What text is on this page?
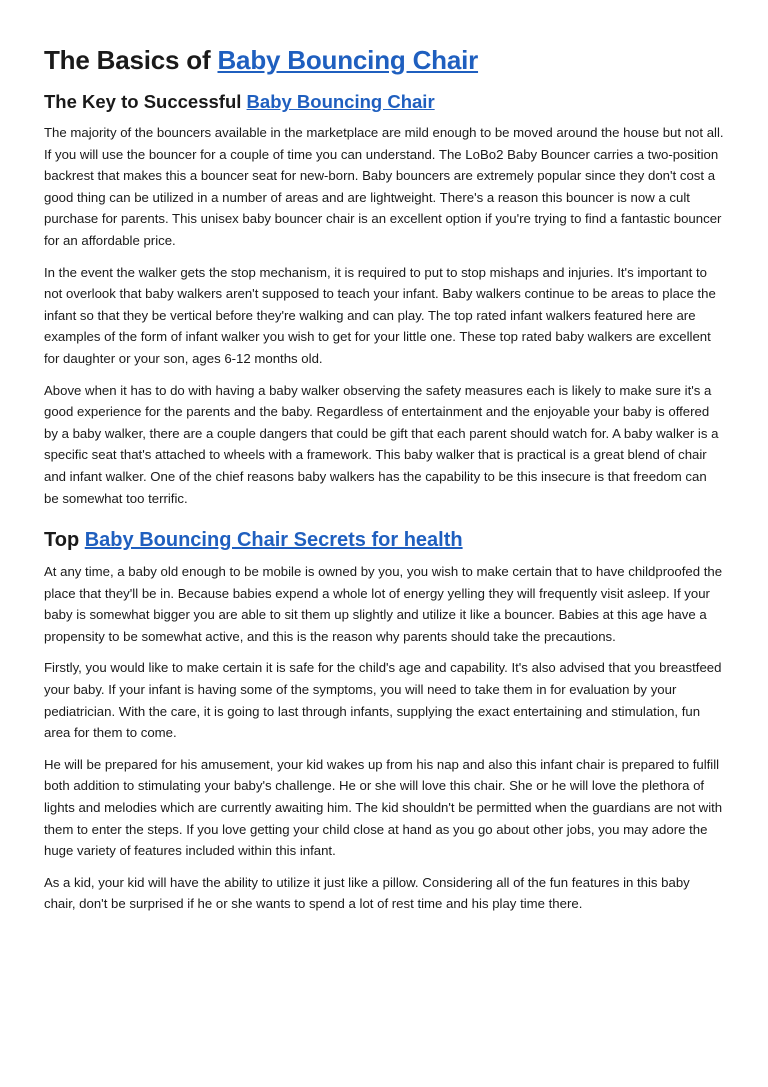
The Basics of Baby Bouncing Chair
The Key to Successful Baby Bouncing Chair

The majority of the bouncers available in the marketplace are mild enough to be moved around the house but not all. If you will use the bouncer for a couple of time you can understand. The LoBo2 Baby Bouncer carries a two-position backrest that makes this a bouncer seat for new-born. Baby bouncers are extremely popular since they don't cost a good thing can be utilized in a number of areas and are lightweight. There's a reason this bouncer is now a cult purchase for parents. This unisex baby bouncer chair is an excellent option if you're trying to find a fantastic bouncer for an affordable price.

In the event the walker gets the stop mechanism, it is required to put to stop mishaps and injuries. It's important to not overlook that baby walkers aren't supposed to teach your infant. Baby walkers continue to be areas to place the infant so that they be vertical before they're walking and can play. The top rated infant walkers featured here are examples of the form of infant walker you wish to get for your little one. These top rated baby walkers are excellent for daughter or your son, ages 6-12 months old.

Above when it has to do with having a baby walker observing the safety measures each is likely to make sure it's a good experience for the parents and the baby. Regardless of entertainment and the enjoyable your baby is offered by a baby walker, there are a couple dangers that could be gift that each parent should watch for. A baby walker is a specific seat that's attached to wheels with a framework. This baby walker that is practical is a great blend of chair and infant walker. One of the chief reasons baby walkers has the capability to be this insecure is that freedom can be somewhat too terrific.

Top Baby Bouncing Chair Secrets for health

At any time, a baby old enough to be mobile is owned by you, you wish to make certain that to have childproofed the place that they'll be in. Because babies expend a whole lot of energy yelling they will frequently visit asleep. If your baby is somewhat bigger you are able to sit them up slightly and utilize it like a bouncer. Babies at this age have a propensity to be somewhat active, and this is the reason why parents should take the precautions.

Firstly, you would like to make certain it is safe for the child's age and capability. It's also advised that you breastfeed your baby. If your infant is having some of the symptoms, you will need to take them in for evaluation by your pediatrician. With the care, it is going to last through infants, supplying the exact entertaining and stimulation, fun area for them to come.

He will be prepared for his amusement, your kid wakes up from his nap and also this infant chair is prepared to fulfill both addition to stimulating your baby's challenge. He or she will love this chair. She or he will love the plethora of lights and melodies which are currently awaiting him. The kid shouldn't be permitted when the guardians are not with them to enter the steps. If you love getting your child close at hand as you go about other jobs, you may adore the huge variety of features included within this infant.

As a kid, your kid will have the ability to utilize it just like a pillow. Considering all of the fun features in this baby chair, don't be surprised if he or she wants to spend a lot of rest time and his play time there.
